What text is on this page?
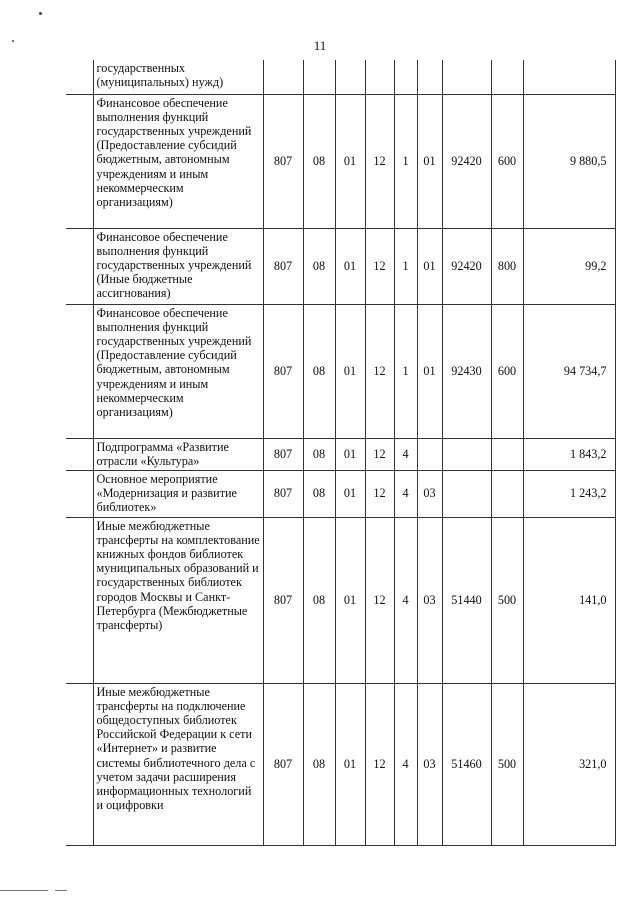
11
	государственных (муниципальных) нужд)									
	Финансовое обеспечение выполнения функций государственных учреждений (Предоставление субсидий бюджетным, автономным учреждениям и иным некоммерческим организациям)	807	08	01	12	1	01	92420	600	9 880,5
	Финансовое обеспечение выполнения функций государственных учреждений (Иные бюджетные ассигнования)	807	08	01	12	1	01	92420	800	99,2
	Финансовое обеспечение выполнения функций государственных учреждений (Предоставление субсидий бюджетным, автономным учреждениям и иным некоммерческим организациям)	807	08	01	12	1	01	92430	600	94 734,7
	Подпрограмма «Развитие отрасли «Культура»	807	08	01	12	4				1 843,2
	Основное мероприятие «Модернизация и развитие библиотек»	807	08	01	12	4	03			1 243,2
	Иные межбюджетные трансферты на комплектование книжных фондов библиотек муниципальных образований и государственных библиотек городов Москвы и Санкт-Петербурга (Межбюджетные трансферты)	807	08	01	12	4	03	51440	500	141,0
	Иные межбюджетные трансферты на подключение общедоступных библиотек Российской Федерации к сети «Интернет» и развитие системы библиотечного дела с учетом задачи расширения информационных технологий и оцифровки	807	08	01	12	4	03	51460	500	321,0
